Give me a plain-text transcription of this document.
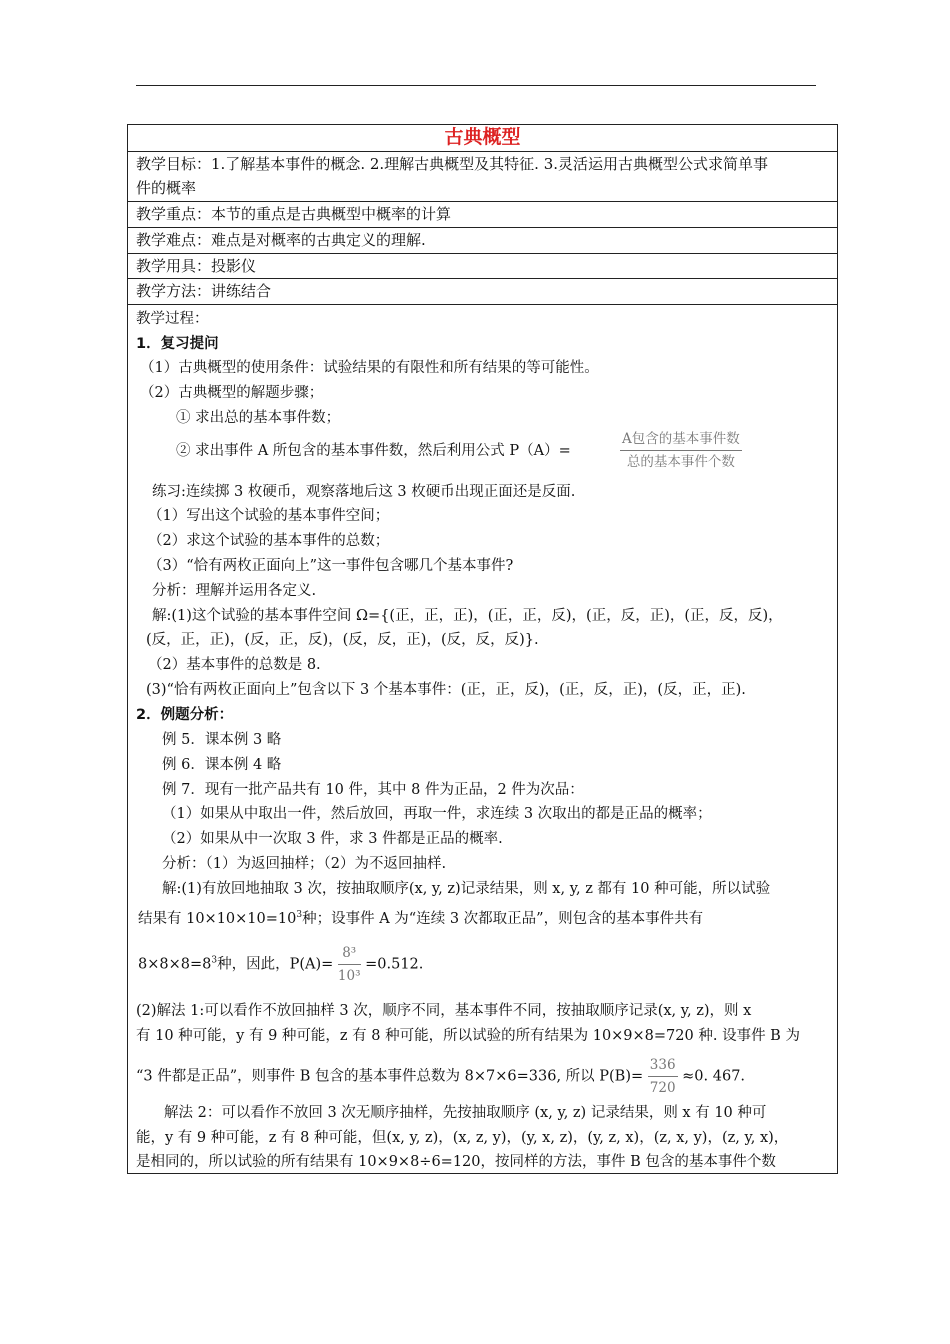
古典概型
教学目标：1.了解基本事件的概念. 2.理解古典概型及其特征. 3.灵活运用古典概型公式求简单事
件的概率
教学重点：本节的重点是古典概型中概率的计算
教学难点：难点是对概率的古典定义的理解.
教学用具：投影仪
教学方法：讲练结合
教学过程：
1．复习提问
（1）古典概型的使用条件：试验结果的有限性和所有结果的等可能性。
（2）古典概型的解题步骤；
① 求出总的基本事件数；
② 求出事件 A 所包含的基本事件数，然后利用公式 P（A）=	$\frac{\text{A包含的基本事件数}}{\text{总的基本事件个数}}$
练习:连续掷 3 枚硬币，观察落地后这 3 枚硬币出现正面还是反面.
（1）写出这个试验的基本事件空间；
（2）求这个试验的基本事件的总数；
（3）“恰有两枚正面向上”这一事件包含哪几个基本事件?
分析：理解并运用各定义.
解:(1)这个试验的基本事件空间 Ω={(正，正，正)，(正，正，反)，(正，反，正)，(正，反，反)，
(反，正，正)，(反，正，反)，(反，反，正)，(反，反，反)}.
（2）基本事件的总数是 8.
(3)“恰有两枚正面向上”包含以下 3 个基本事件：(正，正，反)，(正，反，正)，(反，正，正).
2．例题分析：
例 5．课本例 3 略
例 6．课本例 4 略
例 7．现有一批产品共有 10 件，其中 8 件为正品，2 件为次品：
（1）如果从中取出一件，然后放回，再取一件，求连续 3 次取出的都是正品的概率；
（2）如果从中一次取 3 件，求 3 件都是正品的概率.
分析：（1）为返回抽样；（2）为不返回抽样.
解:(1)有放回地抽取 3 次，按抽取顺序(x, y, z)记录结果，则 x, y, z 都有 10 种可能，所以试验
结果有 $10\times 10\times 10=10^3$种；设事件 A 为“连续 3 次都取正品”，则包含的基本事件共有
$8\times 8\times 8=8^3$种，因此，$P(A)= \frac{\text{8³}}{\text{10³}} =0.512$.
(2)解法 1:可以看作不放回抽样 3 次，顺序不同，基本事件不同，按抽取顺序记录(x, y, z)，则 x
有 10 种可能，y 有 9 种可能，z 有 8 种可能，所以试验的所有结果为 10×9×8=720 种. 设事件 B 为
“3 件都是正品”，则事件 B 包含的基本事件总数为 8×7×6=336, 所以 $P(B)= \frac{336}{720} \approx 0$. 467.
解法 2：可以看作不放回 3 次无顺序抽样，先按抽取顺序 (x, y, z) 记录结果，则 x 有 10 种可
能，y 有 9 种可能，z 有 8 种可能，但(x, y, z)，(x, z, y)，(y, x, z)，(y, z, x)，(z, x, y)，(z, y, x)，
是相同的，所以试验的所有结果有 10×9×8÷6=120，按同样的方法，事件 B 包含的基本事件个数
